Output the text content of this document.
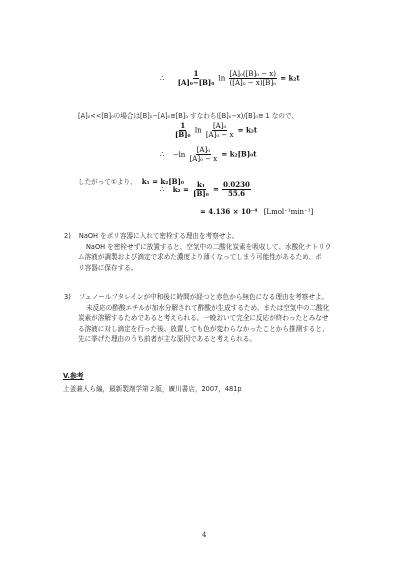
∴ $\frac{1}{\text{[A]₀−[B]₀}}$ $\ln \frac{\text{[A]₀([B]₀ − x)}}{\text{([A]₀ − x)[B]₀}} = k_2t$
[A]₀<<[B]₀の場合は[B]₀−[A]₀≅[B]₀ すなわち([B]₀−x)/[B]₀≅ 1 なので、
$\frac{1}{\text{[B]₀}}$ $\ln \frac{\text{[A]₀}}{\text{[A]₀ − x}} = k_2t$
∴ $-\ln \frac{\text{[A]₀}}{\text{[A]₀ − x}} = k_2[B]_0t$
したがって①より、 k₁ = k₂[B]₀
∴ $k_2 = \frac{\text{k₁}}{\text{[B]₀}} = \frac{0.0230}{55.6}$
= 4.136 × 10⁻⁴ [Lmol⁻¹min⁻¹]
2) NaOH をポリ容器に入れて密栓する理由を考察せよ。
NaOH を密栓せずに放置すると、空気中の二酸化炭素を吸収して、水酸化ナトリウ
ム溶液が調製および滴定で求めた濃度より薄くなってしまう可能性があるため、ポ
リ容器に保存する。
3) フェノールフタレインが中和後に時間が経つと赤色から無色になる理由を考察せよ。
未反応の酢酸エチルが加水分解されて酢酸が生成するため、または空気中の二酸化
炭素が溶解するためであると考えられる。一晩おいて完全に反応が終わったとみなせ
る溶液に対し滴定を行った後、放置しても色が変わらなかったことから推測すると、
先に挙げた理由のうち前者が主な原因であると考えられる。
V.参考
上釜兼人ら編，最新製剤学第２版，廣川書店，2007，481p
4
